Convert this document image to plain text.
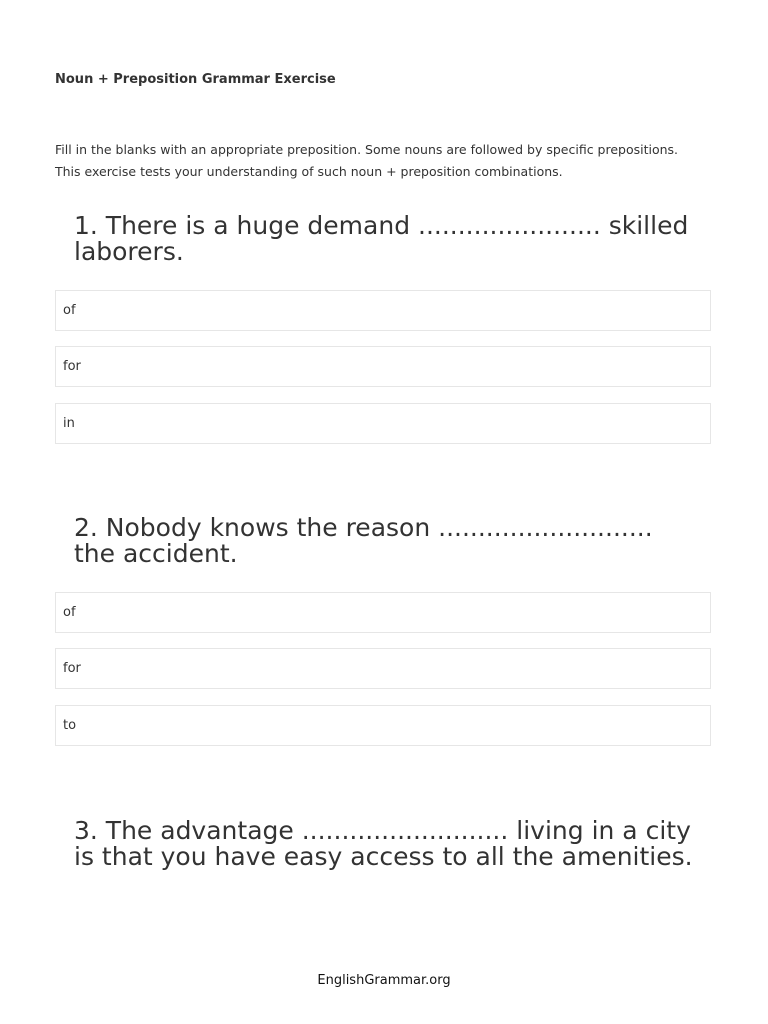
Noun + Preposition Grammar Exercise
Fill in the blanks with an appropriate preposition. Some nouns are followed by specific prepositions.
This exercise tests your understanding of such noun + preposition combinations.
1. There is a huge demand ....................... skilled
laborers.
of
for
in
2. Nobody knows the reason ...........................
the accident.
of
for
to
3. The advantage .......................... living in a city
is that you have easy access to all the amenities.
EnglishGrammar.org
